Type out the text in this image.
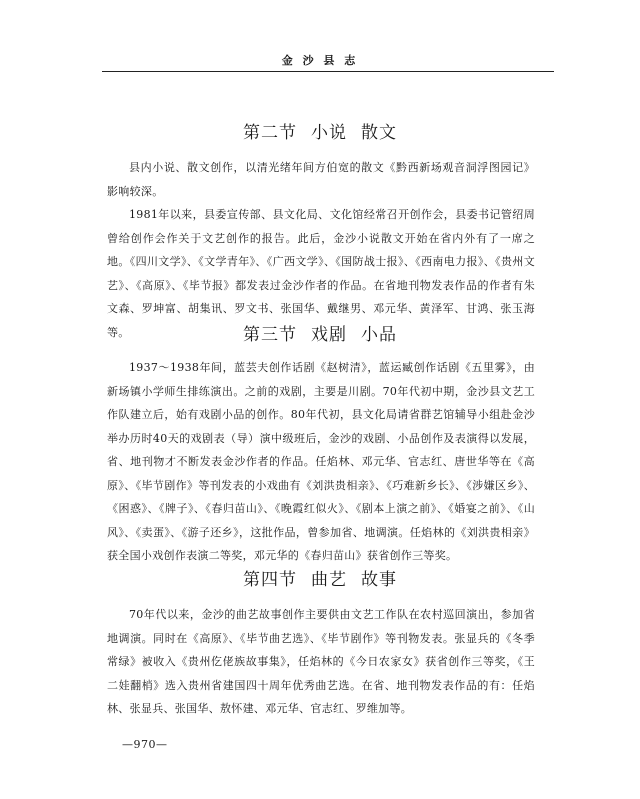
金 沙 县 志
第二节 小说 散文
县内小说、散文创作，以清光绪年间方伯宽的散文《黔西新场观音洞浮图园记》影响较深。
1981年以来，县委宣传部、县文化局、文化馆经常召开创作会，县委书记管绍周曾给创作会作关于文艺创作的报告。此后，金沙小说散文开始在省内外有了一席之地。《四川文学》、《文学青年》、《广西文学》、《国防战士报》、《西南电力报》、《贵州文艺》、《高原》、《毕节报》都发表过金沙作者的作品。在省地刊物发表作品的作者有朱文森、罗坤富、胡集讯、罗文书、张国华、戴继男、邓元华、黄泽军、甘鸿、张玉海等。	第三节 戏剧 小品
1937～1938年间，蓝芸夫创作话剧《赵树清》，蓝运臧创作话剧《五里雾》，由新场镇小学师生排练演出。之前的戏剧，主要是川剧。70年代初中期，金沙县文艺工作队建立后，始有戏剧小品的创作。80年代初，县文化局请省群艺馆辅导小组赴金沙举办历时40天的戏剧表（导）演中级班后，金沙的戏剧、小品创作及表演得以发展，省、地刊物才不断发表金沙作者的作品。任焰林、邓元华、官志红、唐世华等在《高原》、《毕节剧作》等刊发表的小戏曲有《刘洪贵相亲》、《巧难新乡长》、《涉嫌区乡》、《困惑》、《牌子》、《春归苗山》、《晚霞红似火》、《剧本上演之前》、《婚宴之前》、《山风》、《卖蛋》、《游子还乡》，这批作品，曾参加省、地调演。任焰林的《刘洪贵相亲》获全国小戏创作表演二等奖，邓元华的《春归苗山》获省创作三等奖。
第四节 曲艺 故事
70年代以来，金沙的曲艺故事创作主要供由文艺工作队在农村巡回演出，参加省地调演。同时在《高原》、《毕节曲艺选》、《毕节剧作》等刊物发表。张显兵的《冬季常绿》被收入《贵州仡佬族故事集》，任焰林的《今日农家女》获省创作三等奖，《王二娃翻梢》选入贵州省建国四十周年优秀曲艺选。在省、地刊物发表作品的有：任焰林、张显兵、张国华、敖怀建、邓元华、官志红、罗维加等。
—970—
